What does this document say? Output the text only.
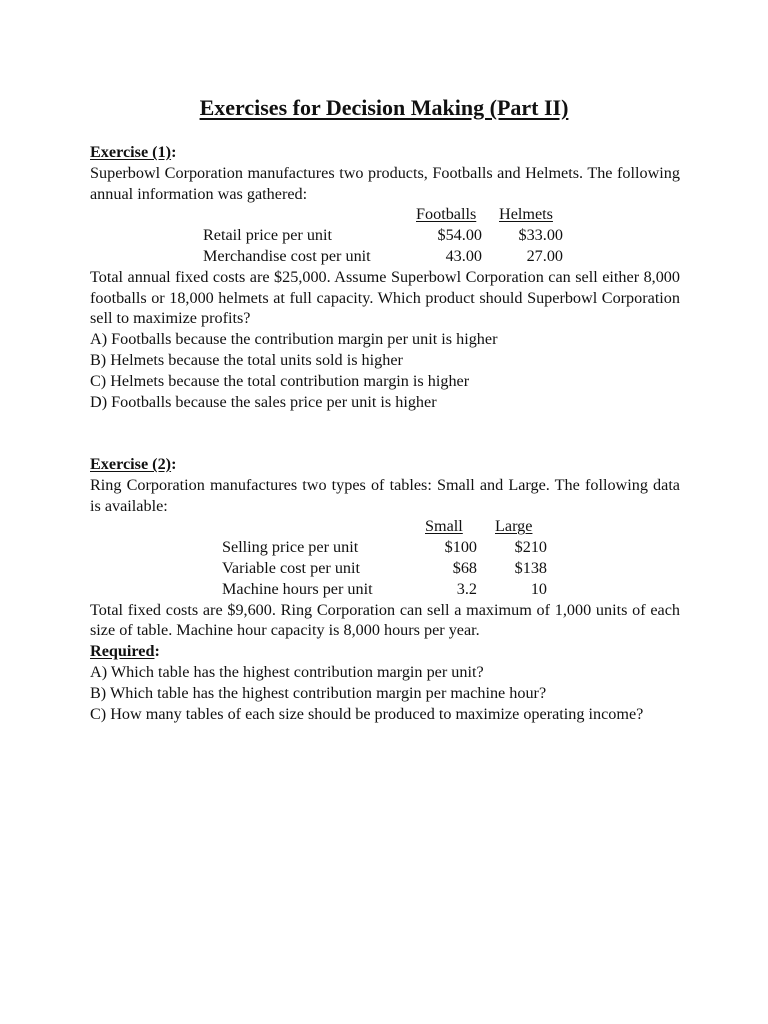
Exercises for Decision Making (Part II)
Exercise (1):
Superbowl Corporation manufactures two products, Footballs and Helmets. The following annual information was gathered:
Footballs Helmets
Retail price per unit	$54.00 $33.00
Merchandise cost per unit	43.00	27.00
Total annual fixed costs are $25,000. Assume Superbowl Corporation can sell either 8,000 footballs or 18,000 helmets at full capacity. Which product should Superbowl Corporation sell to maximize profits?
A) Footballs because the contribution margin per unit is higher
B) Helmets because the total units sold is higher
C) Helmets because the total contribution margin is higher
D) Footballs because the sales price per unit is higher
Exercise (2):
Ring Corporation manufactures two types of tables: Small and Large. The following data is available:
Small Large
Selling price per unit	$100 $210
Variable cost per unit	$68 $138
Machine hours per unit	3.2	10
Total fixed costs are $9,600. Ring Corporation can sell a maximum of 1,000 units of each size of table. Machine hour capacity is 8,000 hours per year.
Required:
A) Which table has the highest contribution margin per unit?
B) Which table has the highest contribution margin per machine hour?
C) How many tables of each size should be produced to maximize operating income?
